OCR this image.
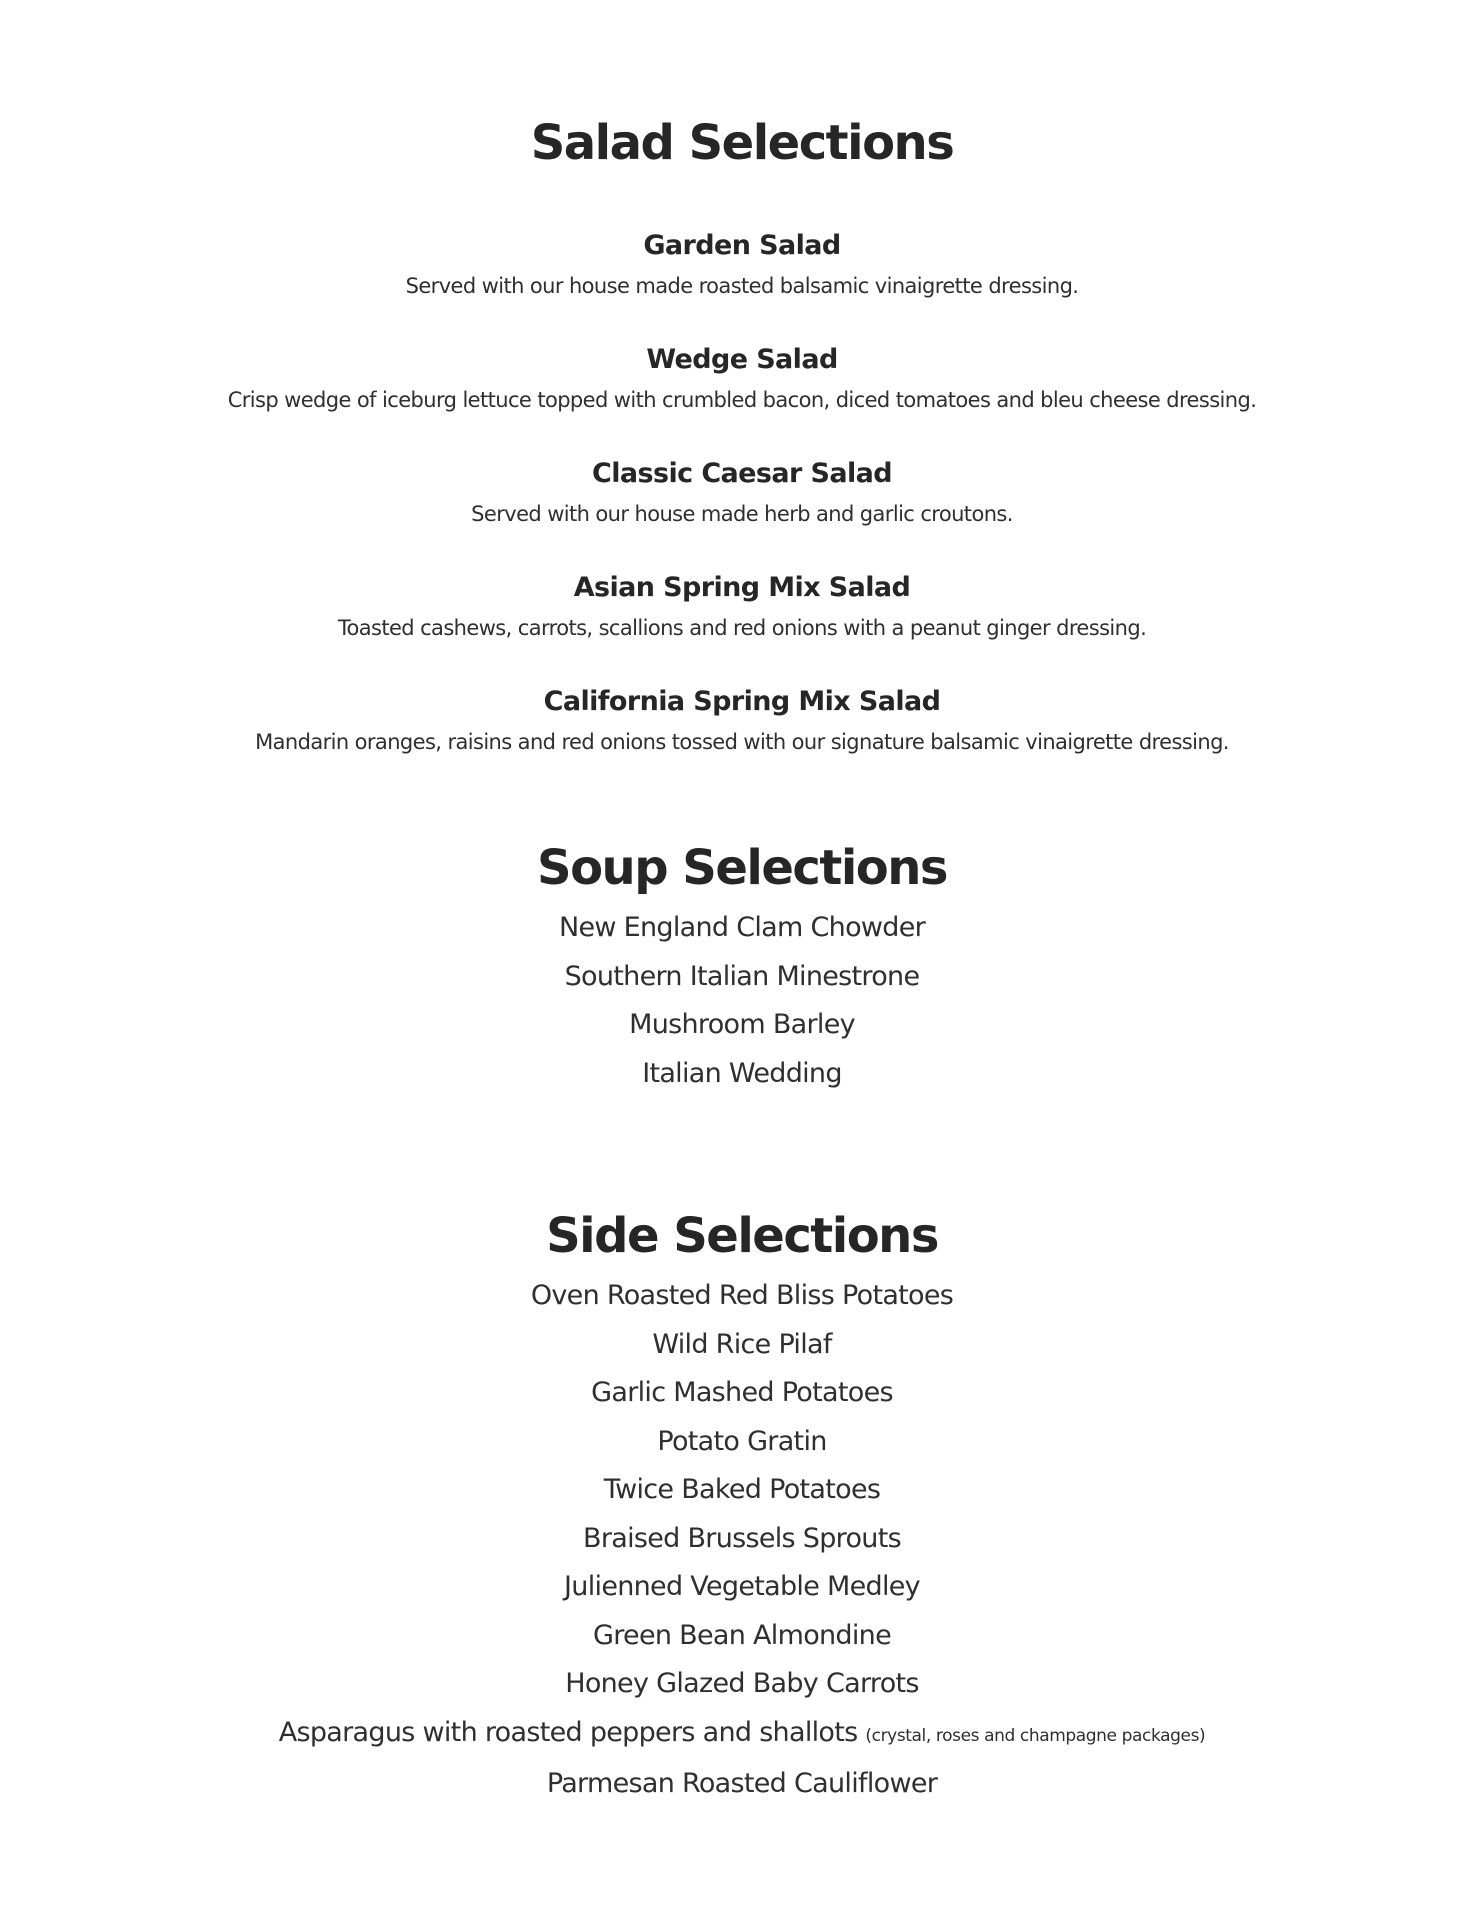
Salad Selections
Garden Salad
Served with our house made roasted balsamic vinaigrette dressing.
Wedge Salad
Crisp wedge of iceburg lettuce topped with crumbled bacon, diced tomatoes and bleu cheese dressing.
Classic Caesar Salad
Served with our house made herb and garlic croutons.
Asian Spring Mix Salad
Toasted cashews, carrots, scallions and red onions with a peanut ginger dressing.
California Spring Mix Salad
Mandarin oranges, raisins and red onions tossed with our signature balsamic vinaigrette dressing.
Soup Selections
New England Clam Chowder
Southern Italian Minestrone
Mushroom Barley
Italian Wedding
Side Selections
Oven Roasted Red Bliss Potatoes
Wild Rice Pilaf
Garlic Mashed Potatoes
Potato Gratin
Twice Baked Potatoes
Braised Brussels Sprouts
Julienned Vegetable Medley
Green Bean Almondine
Honey Glazed Baby Carrots
Asparagus with roasted peppers and shallots (crystal, roses and champagne packages)
Parmesan Roasted Cauliflower
